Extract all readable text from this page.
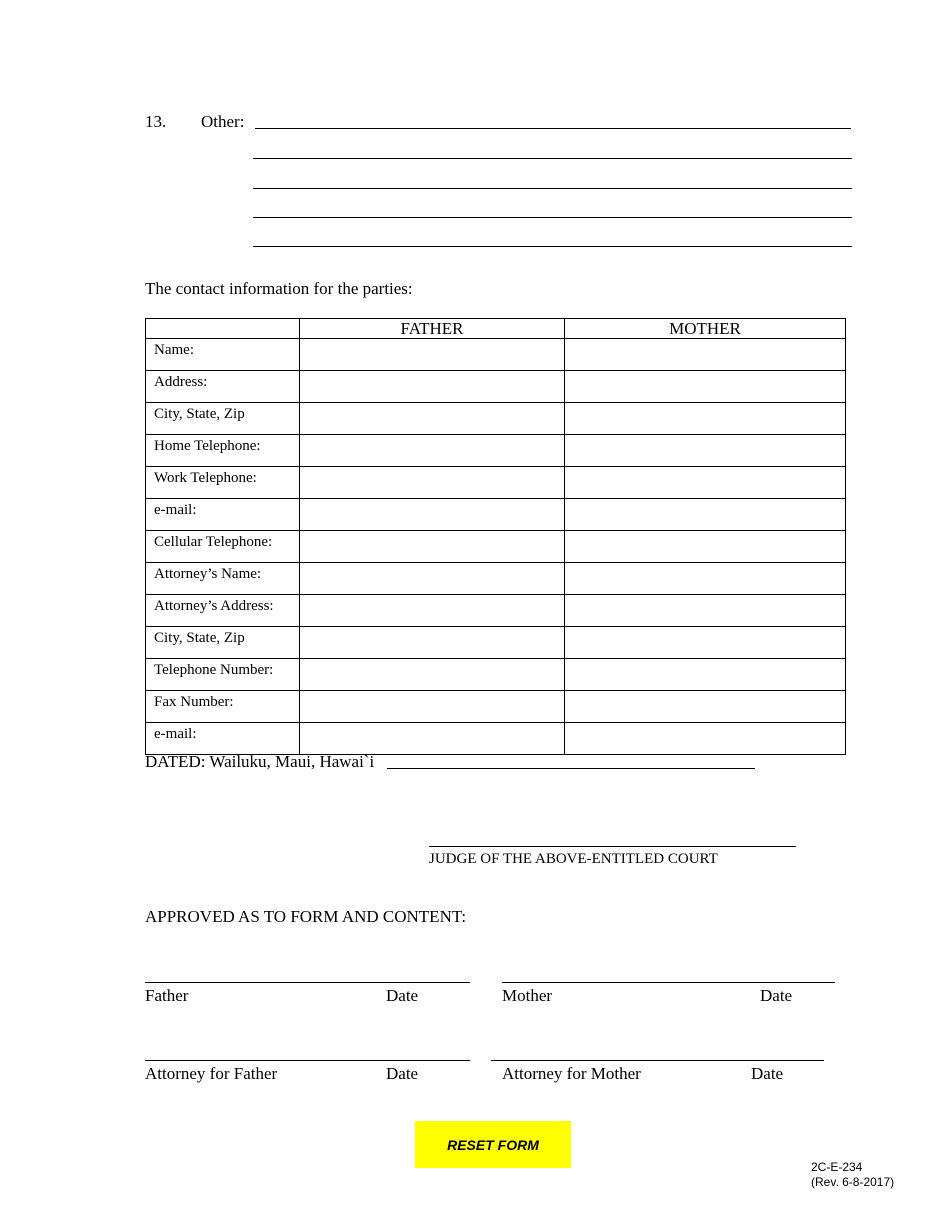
13. Other:
The contact information for the parties:
	FATHER	MOTHER
Name:		
Address:		
City, State, Zip		
Home Telephone:		
Work Telephone:		
e-mail:		
Cellular Telephone:		
Attorney’s Name:		
Attorney’s Address:		
City, State, Zip		
Telephone Number:		
Fax Number:		
e-mail:		
DATED: Wailuku, Maui, Hawai`i
JUDGE OF THE ABOVE-ENTITLED COURT
APPROVED AS TO FORM AND CONTENT:
Father	Date	Mother	Date
Attorney for Father	Date	Attorney for Mother	Date
RESET FORM
2C-E-234
(Rev. 6-8-2017)
